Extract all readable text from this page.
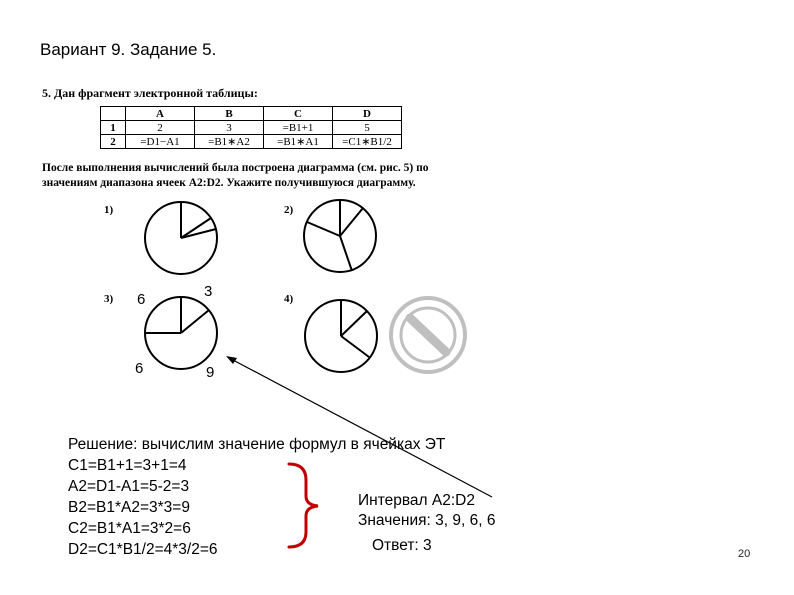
Вариант 9. Задание 5.
5. Дан фрагмент электронной таблицы:
	A	B	C	D
1	2	3	=B1+1	5
2	=D1−A1	=B1∗A2	=B1∗A1	=C1∗B1/2
После выполнения вычислений была построена диаграмма (см. рис. 5) по
значениям диапазона ячеек A2:D2. Укажите получившуюся диаграмму.
1)	2)
3)	4)
3
6
6	9
Решение: вычислим значение формул в ячейках ЭТ
C1=B1+1=3+1=4
A2=D1-A1=5-2=3
B2=B1*A2=3*3=9
C2=B1*A1=3*2=6
D2=C1*B1/2=4*3/2=6
Интервал A2:D2
Значения: 3, 9, 6, 6
Ответ: 3	20
